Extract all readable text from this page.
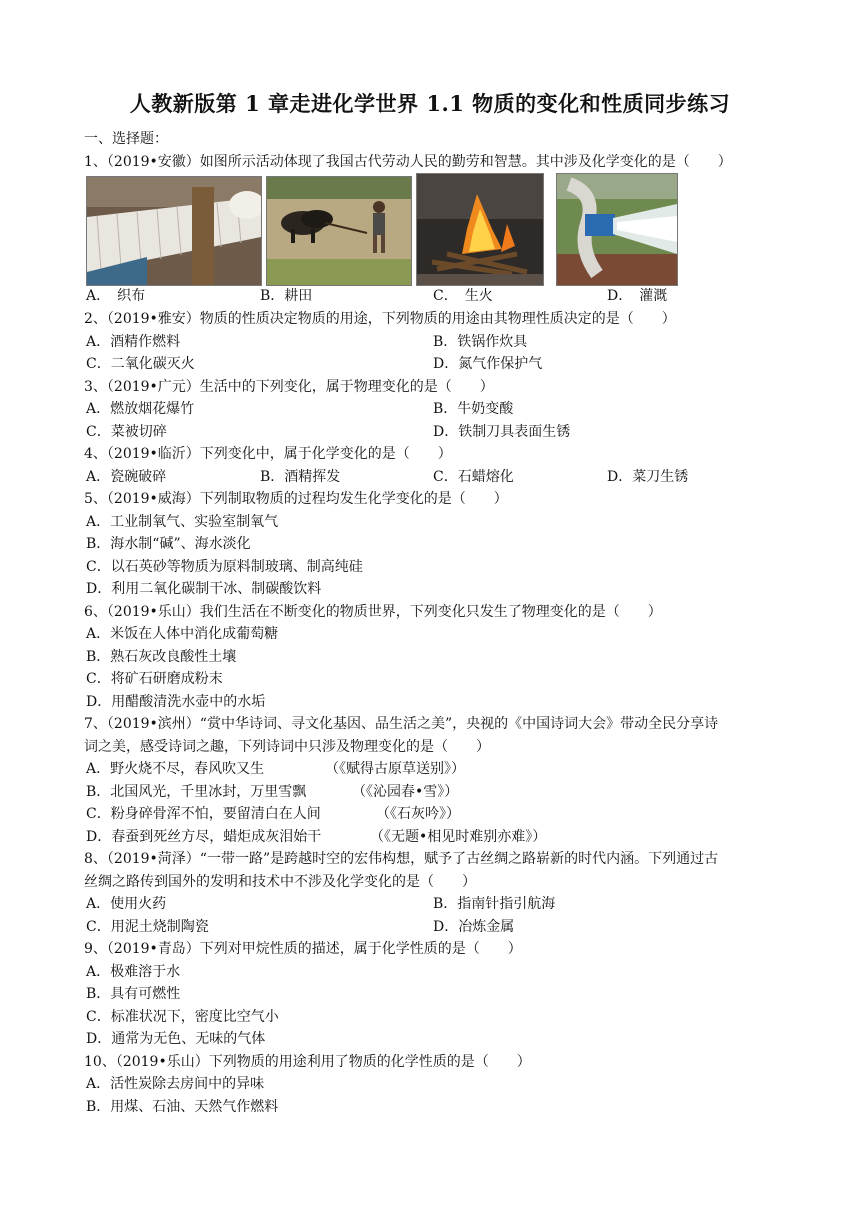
人教新版第 1 章走进化学世界 1.1 物质的变化和性质同步练习
一、选择题：
1、（2019•安徽）如图所示活动体现了我国古代劳动人民的勤劳和智慧。其中涉及化学变化的是（　　）
A．　织布	B．耕田	C．　生火	D．　灌溉
2、（2019•雅安）物质的性质决定物质的用途，下列物质的用途由其物理性质决定的是（　　）
A．酒精作燃料	B．铁锅作炊具
C．二氧化碳灭火	D．氮气作保护气
3、（2019•广元）生活中的下列变化，属于物理变化的是（　　）
A．燃放烟花爆竹	B．牛奶变酸
C．菜被切碎	D．铁制刀具表面生锈
4、（2019•临沂）下列变化中，属于化学变化的是（　　）
A．瓷碗破碎	B．酒精挥发	C．石蜡熔化	D．菜刀生锈
5、（2019•威海）下列制取物质的过程均发生化学变化的是（　　）
A．工业制氧气、实验室制氧气
B．海水制“碱”、海水淡化
C．以石英砂等物质为原料制玻璃、制高纯硅
D．利用二氧化碳制干冰、制碳酸饮料
6、（2019•乐山）我们生活在不断变化的物质世界，下列变化只发生了物理变化的是（　　）
A．米饭在人体中消化成葡萄糖
B．熟石灰改良酸性土壤
C．将矿石研磨成粉末
D．用醋酸清洗水壶中的水垢
7、（2019•滨州）“赏中华诗词、寻文化基因、品生活之美”，央视的《中国诗词大会》带动全民分享诗
词之美，感受诗词之趣，下列诗词中只涉及物理变化的是（　　）
A．野火烧不尽，春风吹又生	（《赋得古原草送别》）
B．北国风光，千里冰封，万里雪飘	（《沁园春•雪》）
C．粉身碎骨浑不怕，要留清白在人间	（《石灰吟》）
D．春蚕到死丝方尽，蜡炬成灰泪始干	（《无题•相见时难别亦难》）
8、（2019•菏泽）“一带一路”是跨越时空的宏伟构想，赋予了古丝绸之路崭新的时代内涵。下列通过古
丝绸之路传到国外的发明和技术中不涉及化学变化的是（　　）
A．使用火药	B．指南针指引航海
C．用泥土烧制陶瓷	D．冶炼金属
9、（2019•青岛）下列对甲烷性质的描述，属于化学性质的是（　　）
A．极难溶于水
B．具有可燃性
C．标准状况下，密度比空气小
D．通常为无色、无味的气体
10、（2019•乐山）下列物质的用途利用了物质的化学性质的是（　　）
A．活性炭除去房间中的异味
B．用煤、石油、天然气作燃料
